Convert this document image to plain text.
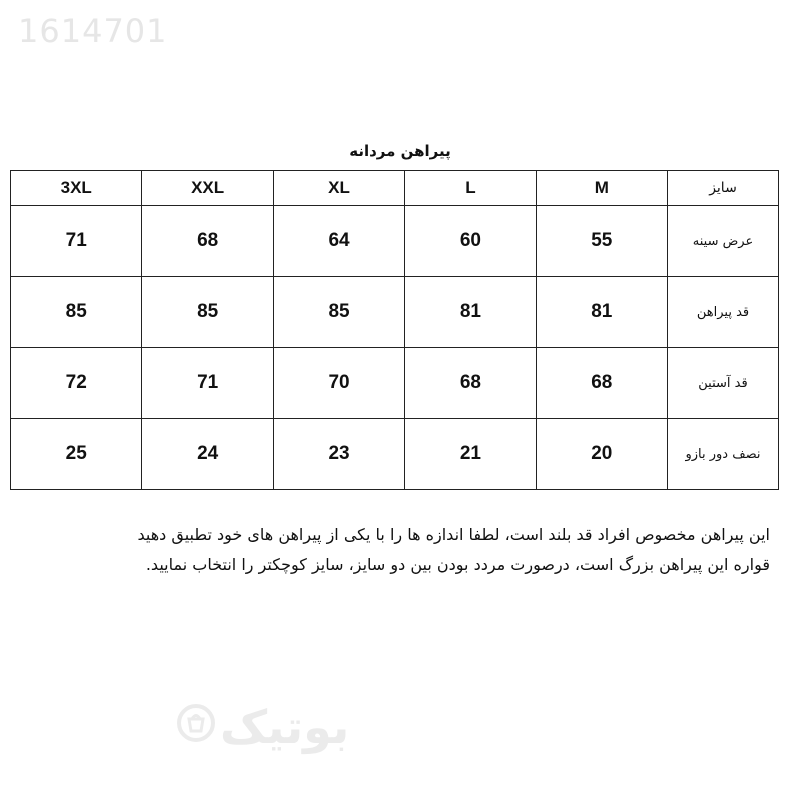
1614701
پیراهن مردانه
سایز	M	L	XL	XXL	3XL
عرض سینه	55	60	64	68	71
قد پیراهن	81	81	85	85	85
قد آستین	68	68	70	71	72
نصف دور بازو	20	21	23	24	25
این پیراهن مخصوص افراد قد بلند است، لطفا اندازه ها را با یکی از پیراهن های خود تطبیق دهید
قواره این پیراهن بزرگ است، درصورت مردد بودن بین دو سایز، سایز کوچکتر را انتخاب نمایید.
بوتیک
